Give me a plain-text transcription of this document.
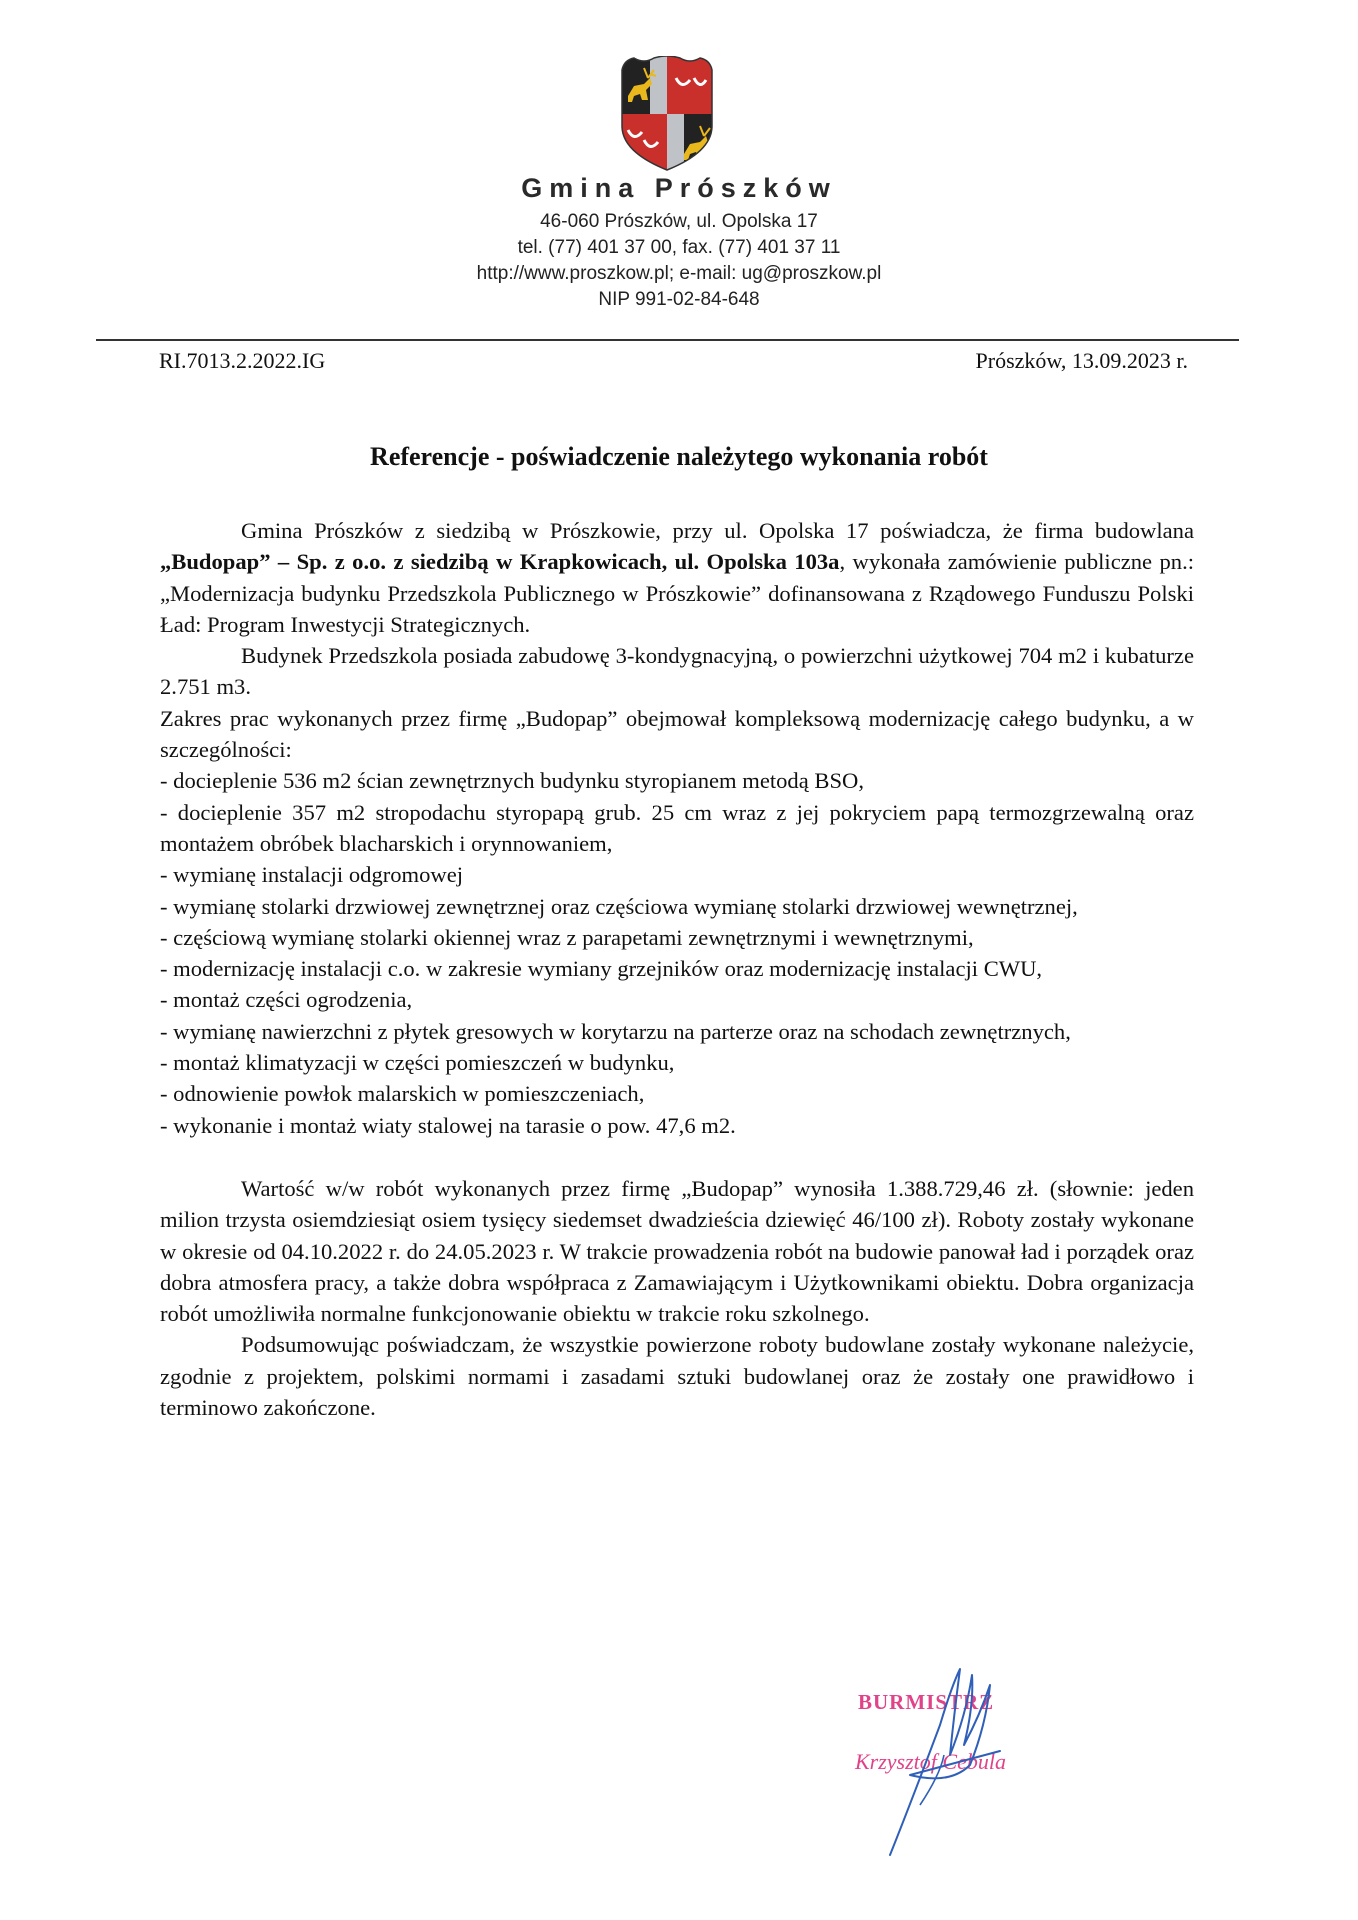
Gmina Prószków
46-060 Prószków, ul. Opolska 17
tel. (77) 401 37 00, fax. (77) 401 37 11
http://www.proszkow.pl; e-mail: ug@proszkow.pl
NIP 991-02-84-648
RI.7013.2.2022.IG	Prószków, 13.09.2023 r.
Referencje - poświadczenie należytego wykonania robót

Gmina Prószków z siedzibą w Prószkowie, przy ul. Opolska 17 poświadcza, że firma budowlana „Budopap” – Sp. z o.o. z siedzibą w Krapkowicach, ul. Opolska 103a, wykonała zamówienie publiczne pn.: „Modernizacja budynku Przedszkola Publicznego w Prószkowie” dofinansowana z Rządowego Funduszu Polski Ład: Program Inwestycji Strategicznych.

Budynek Przedszkola posiada zabudowę 3-kondygnacyjną, o powierzchni użytkowej 704 m2 i kubaturze 2.751 m3.

Zakres prac wykonanych przez firmę „Budopap” obejmował kompleksową modernizację całego budynku, a w szczególności:

- docieplenie 536 m2 ścian zewnętrznych budynku styropianem metodą BSO,

- docieplenie 357 m2 stropodachu styropapą grub. 25 cm wraz z jej pokryciem papą termozgrzewalną oraz montażem obróbek blacharskich i orynnowaniem,

- wymianę instalacji odgromowej

- wymianę stolarki drzwiowej zewnętrznej oraz częściowa wymianę stolarki drzwiowej wewnętrznej,

- częściową wymianę stolarki okiennej wraz z parapetami zewnętrznymi i wewnętrznymi,

- modernizację instalacji c.o. w zakresie wymiany grzejników oraz modernizację instalacji CWU,

- montaż części ogrodzenia,

- wymianę nawierzchni z płytek gresowych w korytarzu na parterze oraz na schodach zewnętrznych,

- montaż klimatyzacji w części pomieszczeń w budynku,

- odnowienie powłok malarskich w pomieszczeniach,

- wykonanie i montaż wiaty stalowej na tarasie o pow. 47,6 m2.

Wartość w/w robót wykonanych przez firmę „Budopap” wynosiła 1.388.729,46 zł. (słownie: jeden milion trzysta osiemdziesiąt osiem tysięcy siedemset dwadzieścia dziewięć 46/100 zł). Roboty zostały wykonane w okresie od 04.10.2022 r. do 24.05.2023 r. W trakcie prowadzenia robót na budowie panował ład i porządek oraz dobra atmosfera pracy, a także dobra współpraca z Zamawiającym i Użytkownikami obiektu. Dobra organizacja robót umożliwiła normalne funkcjonowanie obiektu w trakcie roku szkolnego.

Podsumowując poświadczam, że wszystkie powierzone roboty budowlane zostały wykonane należycie, zgodnie z projektem, polskimi normami i zasadami sztuki budowlanej oraz że zostały one prawidłowo i terminowo zakończone.

BURMISTRZ
Krzysztof Cebula
